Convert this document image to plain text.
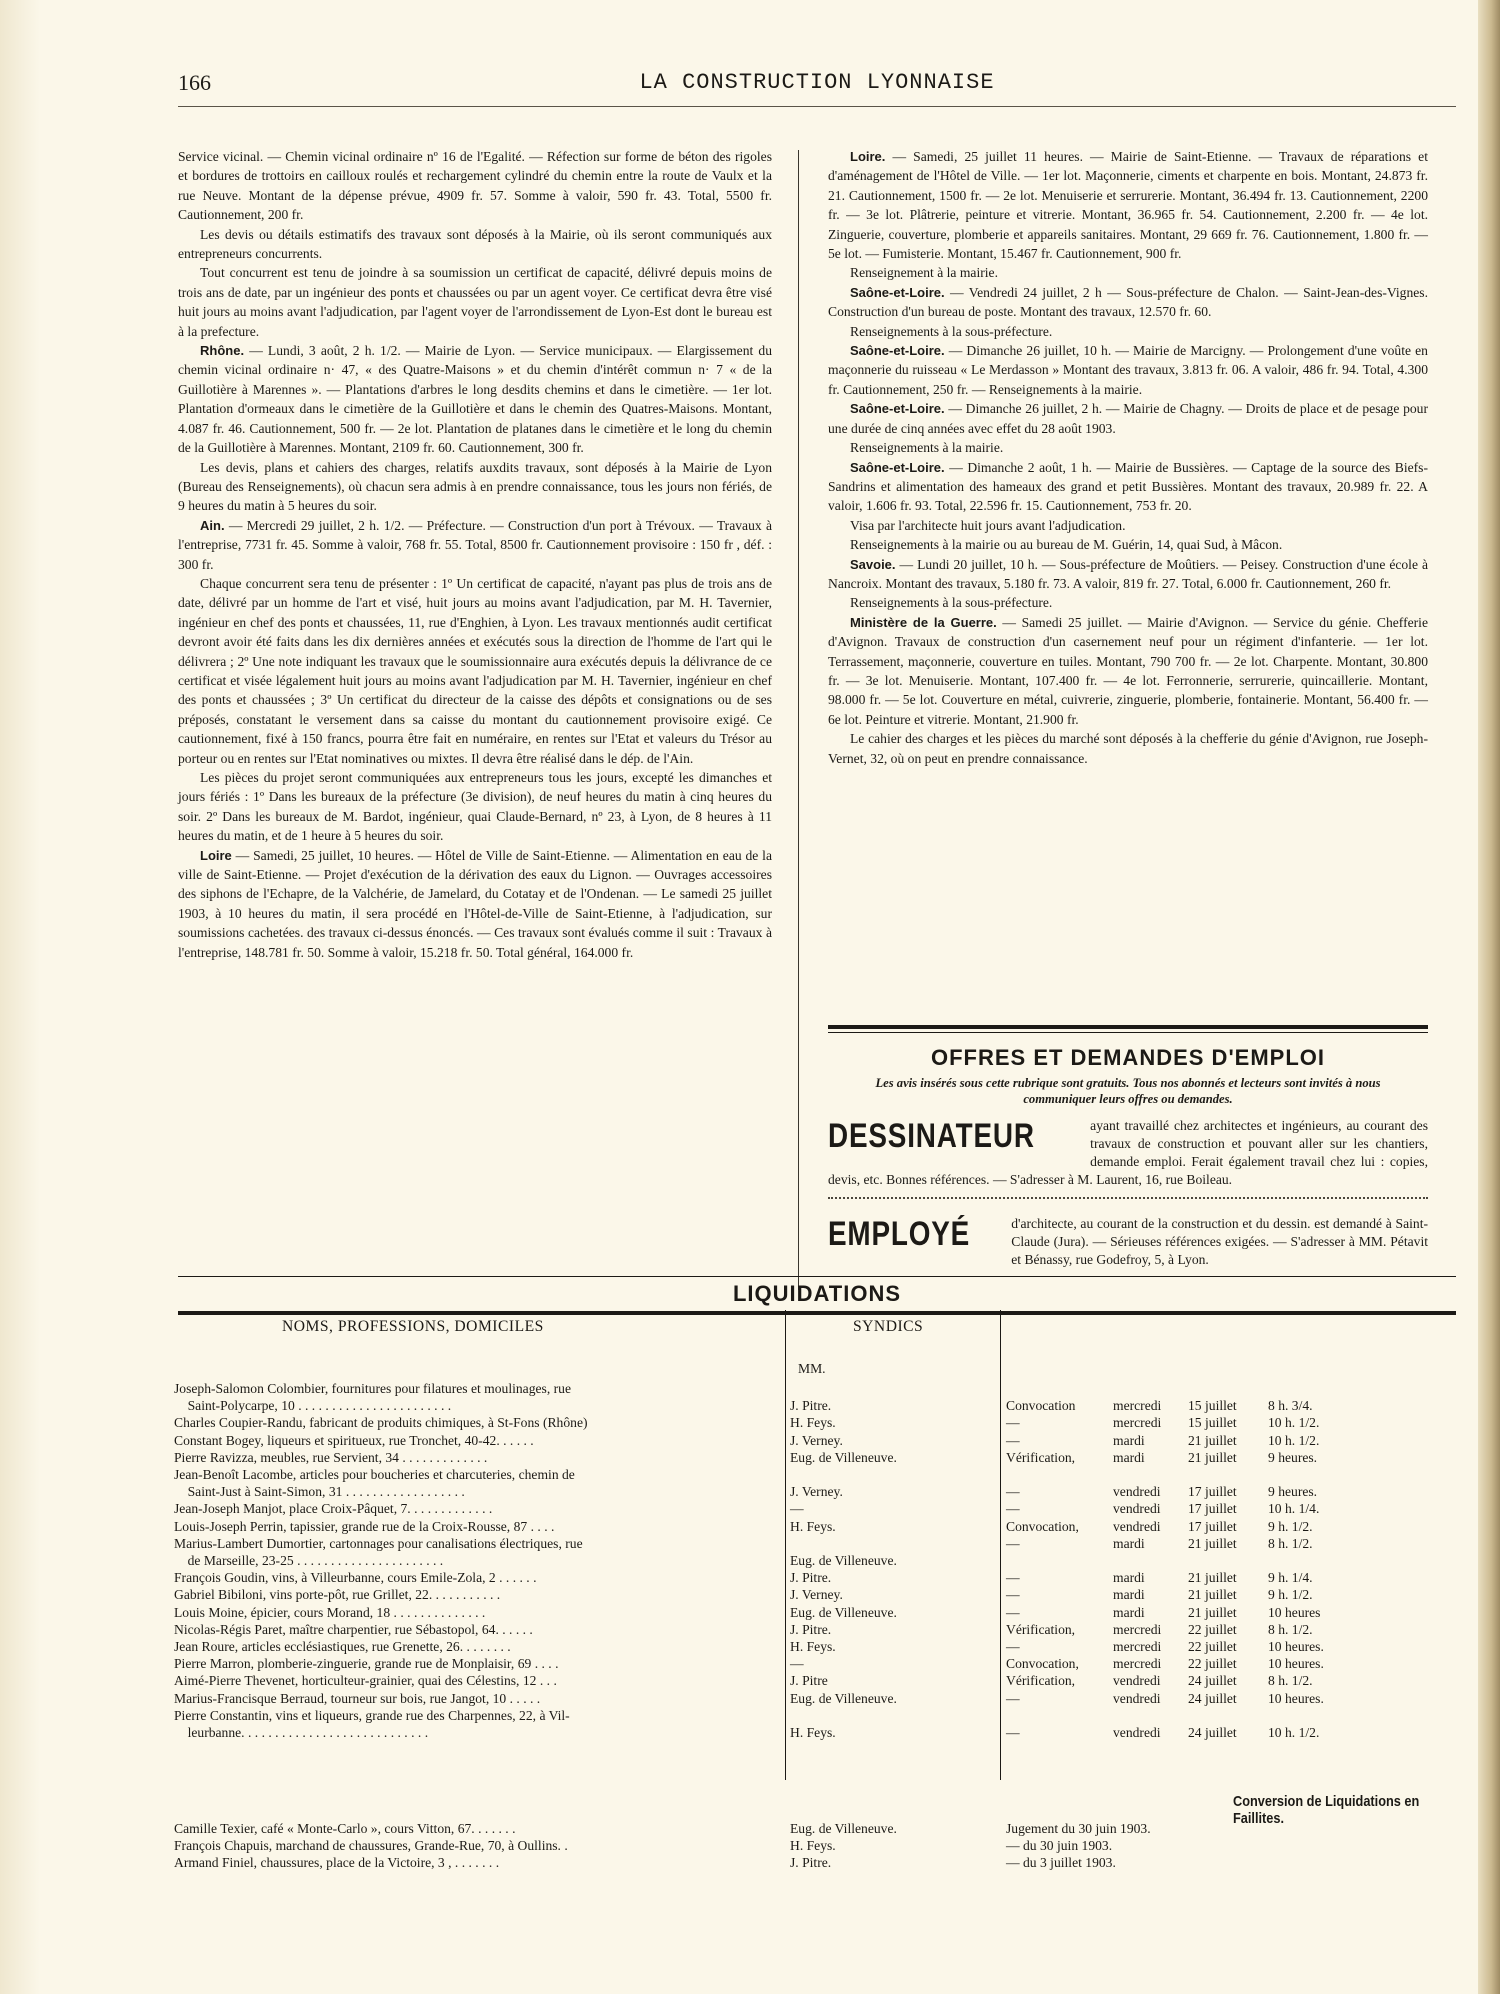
166	LA CONSTRUCTION LYONNAISE

Service vicinal. — Chemin vicinal ordinaire nº 16 de l'Egalité. — Réfection sur forme de béton des rigoles et bordures de trottoirs en cailloux roulés et rechargement cylindré du chemin entre la route de Vaulx et la rue Neuve. Montant de la dépense prévue, 4909 fr. 57. Somme à valoir, 590 fr. 43. Total, 5500 fr. Cautionnement, 200 fr.

Les devis ou détails estimatifs des travaux sont déposés à la Mairie, où ils seront communiqués aux entrepreneurs concurrents.

Tout concurrent est tenu de joindre à sa soumission un certificat de capacité, délivré depuis moins de trois ans de date, par un ingénieur des ponts et chaussées ou par un agent voyer. Ce certificat devra être visé huit jours au moins avant l'adjudication, par l'agent voyer de l'arrondissement de Lyon-Est dont le bureau est à la prefecture.

Rhône. — Lundi, 3 août, 2 h. 1/2. — Mairie de Lyon. — Service municipaux. — Elargissement du chemin vicinal ordinaire n· 47, « des Quatre-Maisons » et du chemin d'intérêt commun n· 7 « de la Guillotière à Marennes ». — Plantations d'arbres le long desdits chemins et dans le cimetière. — 1er lot. Plantation d'ormeaux dans le cimetière de la Guillotière et dans le chemin des Quatres-Maisons. Montant, 4.087 fr. 46. Cautionnement, 500 fr. — 2e lot. Plantation de platanes dans le cimetière et le long du chemin de la Guillotière à Marennes. Montant, 2109 fr. 60. Cautionnement, 300 fr.

Les devis, plans et cahiers des charges, relatifs auxdits travaux, sont déposés à la Mairie de Lyon (Bureau des Renseignements), où chacun sera admis à en prendre connaissance, tous les jours non fériés, de 9 heures du matin à 5 heures du soir.

Ain. — Mercredi 29 juillet, 2 h. 1/2. — Préfecture. — Construction d'un port à Trévoux. — Travaux à l'entreprise, 7731 fr. 45. Somme à valoir, 768 fr. 55. Total, 8500 fr. Cautionnement provisoire : 150 fr , déf. : 300 fr.

Chaque concurrent sera tenu de présenter : 1º Un certificat de capacité, n'ayant pas plus de trois ans de date, délivré par un homme de l'art et visé, huit jours au moins avant l'adjudication, par M. H. Tavernier, ingénieur en chef des ponts et chaussées, 11, rue d'Enghien, à Lyon. Les travaux mentionnés audit certificat devront avoir été faits dans les dix dernières années et exécutés sous la direction de l'homme de l'art qui le délivrera ; 2º Une note indiquant les travaux que le soumissionnaire aura exécutés depuis la délivrance de ce certificat et visée légalement huit jours au moins avant l'adjudication par M. H. Tavernier, ingénieur en chef des ponts et chaussées ; 3º Un certificat du directeur de la caisse des dépôts et consignations ou de ses préposés, constatant le versement dans sa caisse du montant du cautionnement provisoire exigé. Ce cautionnement, fixé à 150 francs, pourra être fait en numéraire, en rentes sur l'Etat et valeurs du Trésor au porteur ou en rentes sur l'Etat nominatives ou mixtes. Il devra être réalisé dans le dép. de l'Ain.

Les pièces du projet seront communiquées aux entrepreneurs tous les jours, excepté les dimanches et jours fériés : 1º Dans les bureaux de la préfecture (3e division), de neuf heures du matin à cinq heures du soir. 2º Dans les bureaux de M. Bardot, ingénieur, quai Claude-Bernard, nº 23, à Lyon, de 8 heures à 11 heures du matin, et de 1 heure à 5 heures du soir.

Loire — Samedi, 25 juillet, 10 heures. — Hôtel de Ville de Saint-Etienne. — Alimentation en eau de la ville de Saint-Etienne. — Projet d'exécution de la dérivation des eaux du Lignon. — Ouvrages accessoires des siphons de l'Echapre, de la Valchérie, de Jamelard, du Cotatay et de l'Ondenan. — Le samedi 25 juillet 1903, à 10 heures du matin, il sera procédé en l'Hôtel-de-Ville de Saint-Etienne, à l'adjudication, sur soumissions cachetées. des travaux ci-dessus énoncés. — Ces travaux sont évalués comme il suit : Travaux à l'entreprise, 148.781 fr. 50. Somme à valoir, 15.218 fr. 50. Total général, 164.000 fr.

Loire. — Samedi, 25 juillet 11 heures. — Mairie de Saint-Etienne. — Travaux de réparations et d'aménagement de l'Hôtel de Ville. — 1er lot. Maçonnerie, ciments et charpente en bois. Montant, 24.873 fr. 21. Cautionnement, 1500 fr. — 2e lot. Menuiserie et serrurerie. Montant, 36.494 fr. 13. Cautionnement, 2200 fr. — 3e lot. Plâtrerie, peinture et vitrerie. Montant, 36.965 fr. 54. Cautionnement, 2.200 fr. — 4e lot. Zinguerie, couverture, plomberie et appareils sanitaires. Montant, 29 669 fr. 76. Cautionnement, 1.800 fr. — 5e lot. — Fumisterie. Montant, 15.467 fr. Cautionnement, 900 fr.

Renseignement à la mairie.

Saône-et-Loire. — Vendredi 24 juillet, 2 h — Sous-préfecture de Chalon. — Saint-Jean-des-Vignes. Construction d'un bureau de poste. Montant des travaux, 12.570 fr. 60.

Renseignements à la sous-préfecture.

Saône-et-Loire. — Dimanche 26 juillet, 10 h. — Mairie de Marcigny. — Prolongement d'une voûte en maçonnerie du ruisseau « Le Merdasson » Montant des travaux, 3.813 fr. 06. A valoir, 486 fr. 94. Total, 4.300 fr. Cautionnement, 250 fr. — Renseignements à la mairie.

Saône-et-Loire. — Dimanche 26 juillet, 2 h. — Mairie de Chagny. — Droits de place et de pesage pour une durée de cinq années avec effet du 28 août 1903.

Renseignements à la mairie.

Saône-et-Loire. — Dimanche 2 août, 1 h. — Mairie de Bussières. — Captage de la source des Biefs-Sandrins et alimentation des hameaux des grand et petit Bussières. Montant des travaux, 20.989 fr. 22. A valoir, 1.606 fr. 93. Total, 22.596 fr. 15. Cautionnement, 753 fr. 20.

Visa par l'architecte huit jours avant l'adjudication.

Renseignements à la mairie ou au bureau de M. Guérin, 14, quai Sud, à Mâcon.

Savoie. — Lundi 20 juillet, 10 h. — Sous-préfecture de Moûtiers. — Peisey. Construction d'une école à Nancroix. Montant des travaux, 5.180 fr. 73. A valoir, 819 fr. 27. Total, 6.000 fr. Cautionnement, 260 fr.

Renseignements à la sous-préfecture.

Ministère de la Guerre. — Samedi 25 juillet. — Mairie d'Avignon. — Service du génie. Chefferie d'Avignon. Travaux de construction d'un casernement neuf pour un régiment d'infanterie. — 1er lot. Terrassement, maçonnerie, couverture en tuiles. Montant, 790 700 fr. — 2e lot. Charpente. Montant, 30.800 fr. — 3e lot. Menuiserie. Montant, 107.400 fr. — 4e lot. Ferronnerie, serrurerie, quincaillerie. Montant, 98.000 fr. — 5e lot. Couverture en métal, cuivrerie, zinguerie, plomberie, fontainerie. Montant, 56.400 fr. — 6e lot. Peinture et vitrerie. Montant, 21.900 fr.

Le cahier des charges et les pièces du marché sont déposés à la chefferie du génie d'Avignon, rue Joseph-Vernet, 32, où on peut en prendre connaissance.

OFFRES ET DEMANDES D'EMPLOI
Les avis insérés sous cette rubrique sont gratuits. Tous nos abonnés et lecteurs sont invités à nous communiquer leurs offres ou demandes.
DESSINATEUR	ayant travaillé chez architectes et ingénieurs, au courant des travaux de construction et pouvant aller sur les chantiers, demande emploi. Ferait également travail chez lui : copies, devis, etc. Bonnes références. — S'adresser à M. Laurent, 16, rue Boileau.
EMPLOYÉ	d'architecte, au courant de la construction et du dessin. est demandé à Saint-Claude (Jura). — Sérieuses références exigées. — S'adresser à MM. Pétavit et Bénassy, rue Godefroy, 5, à Lyon.
LIQUIDATIONS
NOMS, PROFESSIONS, DOMICILES	SYNDICS
MM.
Joseph-Salomon Colombier, fournitures pour filatures et moulinages, rue
Saint-Polycarpe, 10 . . . . . . . . . . . . . . . . . . . . . . .	J. Pitre.	Convocation	mercredi 15 juillet 8 h. 3/4.
Charles Coupier-Randu, fabricant de produits chimiques, à St-Fons (Rhône)	H. Feys.	—	mercredi 15 juillet 10 h. 1/2.
Constant Bogey, liqueurs et spiritueux, rue Tronchet, 40-42. . . . . .	J. Verney.	—	mardi	21 juillet 10 h. 1/2.
Pierre Ravizza, meubles, rue Servient, 34 . . . . . . . . . . . . .	Eug. de Villeneuve.	Vérification,	mardi	21 juillet 9 heures.
Jean-Benoît Lacombe, articles pour boucheries et charcuteries, chemin de
Saint-Just à Saint-Simon, 31 . . . . . . . . . . . . . . . . . .	J. Verney.	—	vendredi 17 juillet 9 heures.
Jean-Joseph Manjot, place Croix-Pâquet, 7. . . . . . . . . . . . .	—	—	vendredi 17 juillet 10 h. 1/4.
Louis-Joseph Perrin, tapissier, grande rue de la Croix-Rousse, 87 . . . .	H. Feys.	Convocation,	vendredi 17 juillet 9 h. 1/2.
Marius-Lambert Dumortier, cartonnages pour canalisations électriques, rue	—	mardi	21 juillet 8 h. 1/2.
de Marseille, 23-25 . . . . . . . . . . . . . . . . . . . . . .	Eug. de Villeneuve.
François Goudin, vins, à Villeurbanne, cours Emile-Zola, 2 . . . . . .	J. Pitre.	—	mardi	21 juillet 9 h. 1/4.
Gabriel Bibiloni, vins porte-pôt, rue Grillet, 22. . . . . . . . . . .	J. Verney.	—	mardi	21 juillet 9 h. 1/2.
Louis Moine, épicier, cours Morand, 18 . . . . . . . . . . . . . .	Eug. de Villeneuve.	—	mardi	21 juillet 10 heures
Nicolas-Régis Paret, maître charpentier, rue Sébastopol, 64. . . . . .	J. Pitre.	Vérification,	mercredi 22 juillet 8 h. 1/2.
Jean Roure, articles ecclésiastiques, rue Grenette, 26. . . . . . . .	H. Feys.	—	mercredi 22 juillet 10 heures.
Pierre Marron, plomberie-zinguerie, grande rue de Monplaisir, 69 . . . .	—	Convocation,	mercredi 22 juillet 10 heures.
Aimé-Pierre Thevenet, horticulteur-grainier, quai des Célestins, 12 . . .	J. Pitre	Vérification,	vendredi 24 juillet 8 h. 1/2.
Marius-Francisque Berraud, tourneur sur bois, rue Jangot, 10 . . . . .	Eug. de Villeneuve.	—	vendredi 24 juillet 10 heures.
Pierre Constantin, vins et liqueurs, grande rue des Charpennes, 22, à Vil-
leurbanne. . . . . . . . . . . . . . . . . . . . . . . . . . . .	H. Feys.	—	vendredi 24 juillet 10 h. 1/2.
Conversion de Liquidations en Faillites.
Camille Texier, café « Monte-Carlo », cours Vitton, 67. . . . . . .	Eug. de Villeneuve.	Jugement du 30 juin 1903.
François Chapuis, marchand de chaussures, Grande-Rue, 70, à Oullins. .	H. Feys.	— du 30 juin 1903.
Armand Finiel, chaussures, place de la Victoire, 3 , . . . . . . .	J. Pitre.	— du 3 juillet 1903.
